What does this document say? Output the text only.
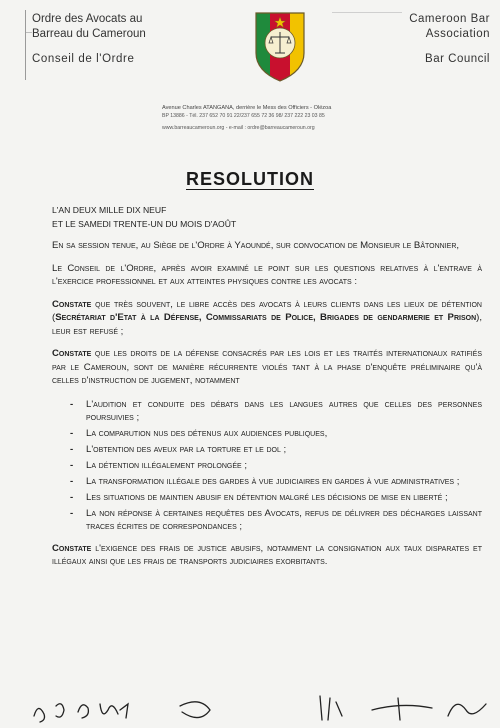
Ordre des Avocats au
Barreau du Cameroun
Conseil de l'Ordre
Cameroon Bar
Association
Bar Council
Avenue Charles ATANGANA, derrière le Mess des Officiers - Olézoa
BP 13886 - Tél. 237 652 70 91 22/237 655 72 36 98/ 237 222 23 03 85
www.barreaucameroun.org - e-mail : ordre@barreaucameroun.org
RESOLUTION
L'AN DEUX MILLE DIX NEUF
ET LE SAMEDI TRENTE-UN DU MOIS D'AOÛT

En sa session tenue, au Siège de l'Ordre à Yaoundé, sur convocation de Monsieur le Bâtonnier,

Le Conseil de l'Ordre, après avoir examiné le point sur les questions relatives à l'entrave à l'exercice professionnel et aux atteintes physiques contre les avocats :

Constate que très souvent, le libre accès des avocats à leurs clients dans les lieux de détention (Secrétariat d'Etat à la Défense, Commissariats de Police, Brigades de gendarmerie et Prison), leur est refusé ;

Constate que les droits de la défense consacrés par les lois et les traités internationaux ratifiés par le Cameroun, sont de manière récurrente violés tant à la phase d'enquête préliminaire qu'à celles d'instruction de jugement, notamment

- L'audition et conduite des débats dans les langues autres que celles des personnes poursuivies ;
- La comparution nus des détenus aux audiences publiques,
- L'obtention des aveux par la torture et le dol ;
- La détention illégalement prolongée ;
- La transformation illégale des gardes à vue judiciaires en gardes à vue administratives ;
- Les situations de maintien abusif en détention malgré les décisions de mise en liberté ;
- La non réponse à certaines requêtes des Avocats, refus de délivrer des décharges laissant traces écrites de correspondances ;

Constate l'exigence des frais de justice abusifs, notamment la consignation aux taux disparates et illégaux ainsi que les frais de transports judiciaires exorbitants.
